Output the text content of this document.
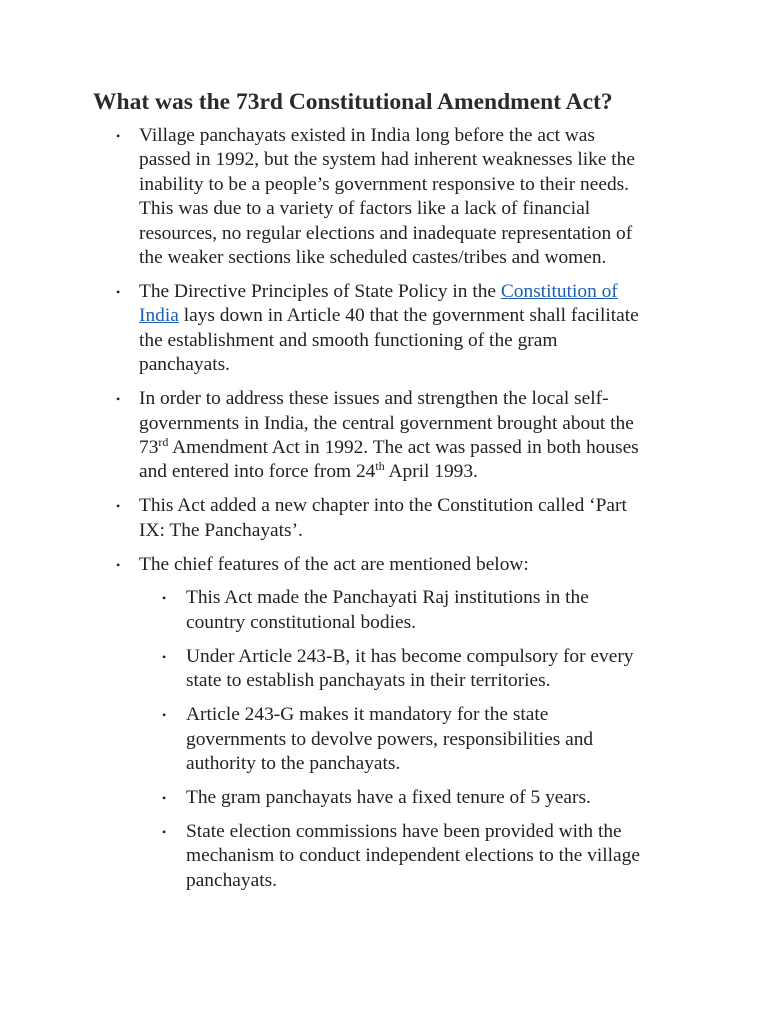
What was the 73rd Constitutional Amendment Act?
• Village panchayats existed in India long before the act was
passed in 1992, but the system had inherent weaknesses like the
inability to be a people’s government responsive to their needs.
This was due to a variety of factors like a lack of financial
resources, no regular elections and inadequate representation of
the weaker sections like scheduled castes/tribes and women.
• The Directive Principles of State Policy in the Constitution of
India lays down in Article 40 that the government shall facilitate
the establishment and smooth functioning of the gram
panchayats.
• In order to address these issues and strengthen the local self-
governments in India, the central government brought about the
73rd Amendment Act in 1992. The act was passed in both houses
and entered into force from 24th April 1993.
• This Act added a new chapter into the Constitution called ‘Part
IX: The Panchayats’.
• The chief features of the act are mentioned below:
• This Act made the Panchayati Raj institutions in the
country constitutional bodies.
• Under Article 243-B, it has become compulsory for every
state to establish panchayats in their territories.
• Article 243-G makes it mandatory for the state
governments to devolve powers, responsibilities and
authority to the panchayats.
• The gram panchayats have a fixed tenure of 5 years.
• State election commissions have been provided with the
mechanism to conduct independent elections to the village
panchayats.
